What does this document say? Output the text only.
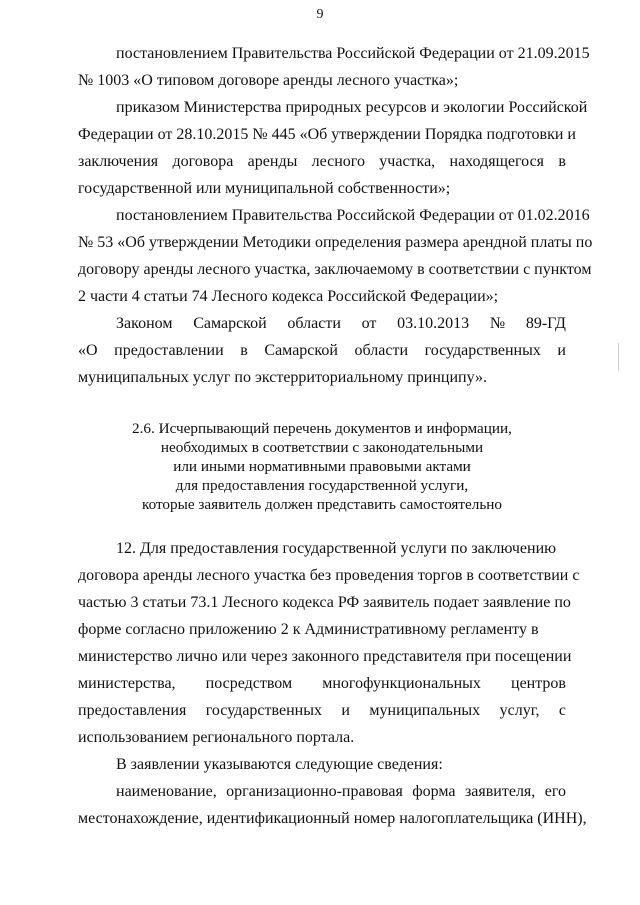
9
постановлением Правительства Российской Федерации от 21.09.2015
№ 1003 «О типовом договоре аренды лесного участка»;
приказом Министерства природных ресурсов и экологии Российской
Федерации от 28.10.2015 № 445 «Об утверждении Порядка подготовки и
заключения договора аренды лесного участка, находящегося в
государственной или муниципальной собственности»;
постановлением Правительства Российской Федерации от 01.02.2016
№ 53 «Об утверждении Методики определения размера арендной платы по
договору аренды лесного участка, заключаемому в соответствии с пунктом
2 части 4 статьи 74 Лесного кодекса Российской Федерации»;
Законом Самарской области от 03.10.2013 № 89-ГД
«О предоставлении в Самарской области государственных и
муниципальных услуг по экстерриториальному принципу».
2.6. Исчерпывающий перечень документов и информации,
необходимых в соответствии с законодательными
или иными нормативными правовыми актами
для предоставления государственной услуги,
которые заявитель должен представить самостоятельно
12. Для предоставления государственной услуги по заключению
договора аренды лесного участка без проведения торгов в соответствии с
частью 3 статьи 73.1 Лесного кодекса РФ заявитель подает заявление по
форме согласно приложению 2 к Административному регламенту в
министерство лично или через законного представителя при посещении
министерства, посредством многофункциональных центров
предоставления государственных и муниципальных услуг, с
использованием регионального портала.
В заявлении указываются следующие сведения:
наименование, организационно-правовая форма заявителя, его
местонахождение, идентификационный номер налогоплательщика (ИНН),
